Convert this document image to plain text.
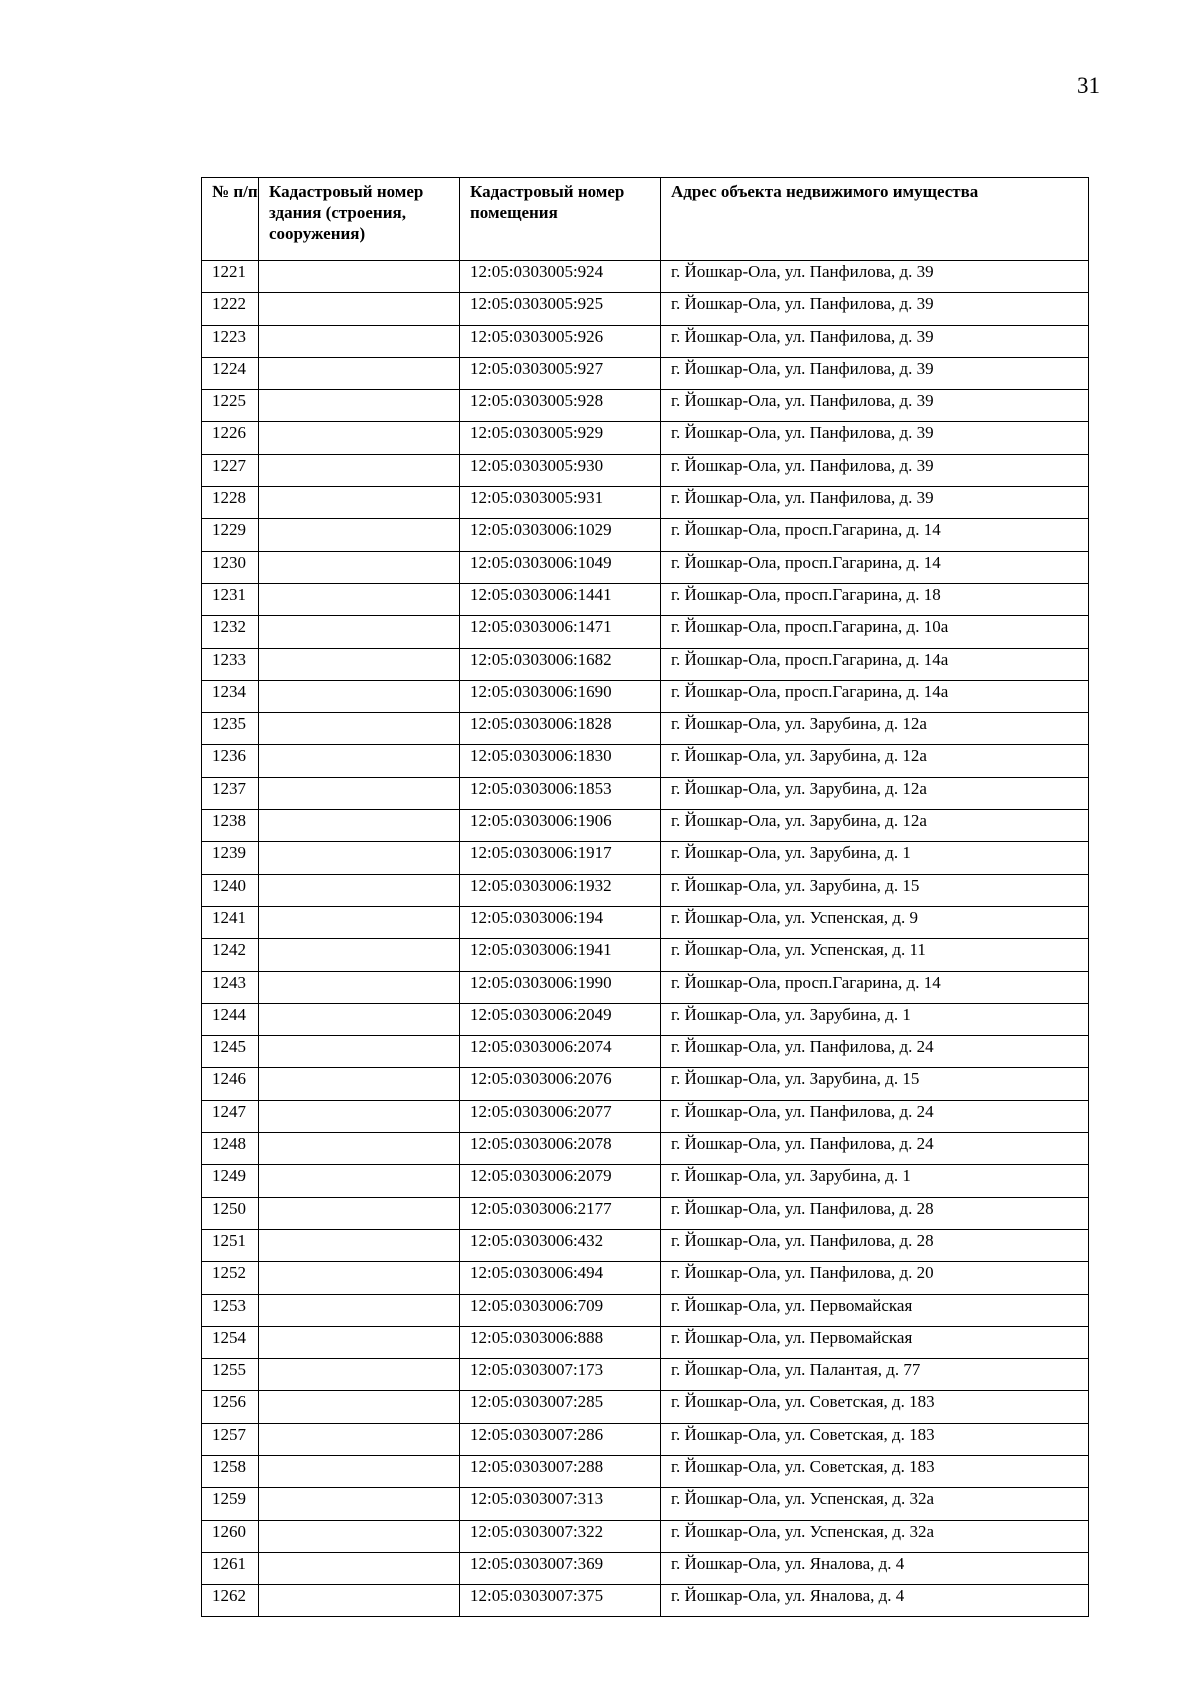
31
№ п/п	Кадастровый номер здания (строения, сооружения)	Кадастровый номер помещения	Адрес объекта недвижимого имущества
1221		12:05:0303005:924	г. Йошкар-Ола, ул. Панфилова, д. 39
1222		12:05:0303005:925	г. Йошкар-Ола, ул. Панфилова, д. 39
1223		12:05:0303005:926	г. Йошкар-Ола, ул. Панфилова, д. 39
1224		12:05:0303005:927	г. Йошкар-Ола, ул. Панфилова, д. 39
1225		12:05:0303005:928	г. Йошкар-Ола, ул. Панфилова, д. 39
1226		12:05:0303005:929	г. Йошкар-Ола, ул. Панфилова, д. 39
1227		12:05:0303005:930	г. Йошкар-Ола, ул. Панфилова, д. 39
1228		12:05:0303005:931	г. Йошкар-Ола, ул. Панфилова, д. 39
1229		12:05:0303006:1029	г. Йошкар-Ола, просп.Гагарина, д. 14
1230		12:05:0303006:1049	г. Йошкар-Ола, просп.Гагарина, д. 14
1231		12:05:0303006:1441	г. Йошкар-Ола, просп.Гагарина, д. 18
1232		12:05:0303006:1471	г. Йошкар-Ола, просп.Гагарина, д. 10а
1233		12:05:0303006:1682	г. Йошкар-Ола, просп.Гагарина, д. 14а
1234		12:05:0303006:1690	г. Йошкар-Ола, просп.Гагарина, д. 14а
1235		12:05:0303006:1828	г. Йошкар-Ола, ул. Зарубина, д. 12а
1236		12:05:0303006:1830	г. Йошкар-Ола, ул. Зарубина, д. 12а
1237		12:05:0303006:1853	г. Йошкар-Ола, ул. Зарубина, д. 12а
1238		12:05:0303006:1906	г. Йошкар-Ола, ул. Зарубина, д. 12а
1239		12:05:0303006:1917	г. Йошкар-Ола, ул. Зарубина, д. 1
1240		12:05:0303006:1932	г. Йошкар-Ола, ул. Зарубина, д. 15
1241		12:05:0303006:194	г. Йошкар-Ола, ул. Успенская, д. 9
1242		12:05:0303006:1941	г. Йошкар-Ола, ул. Успенская, д. 11
1243		12:05:0303006:1990	г. Йошкар-Ола, просп.Гагарина, д. 14
1244		12:05:0303006:2049	г. Йошкар-Ола, ул. Зарубина, д. 1
1245		12:05:0303006:2074	г. Йошкар-Ола, ул. Панфилова, д. 24
1246		12:05:0303006:2076	г. Йошкар-Ола, ул. Зарубина, д. 15
1247		12:05:0303006:2077	г. Йошкар-Ола, ул. Панфилова, д. 24
1248		12:05:0303006:2078	г. Йошкар-Ола, ул. Панфилова, д. 24
1249		12:05:0303006:2079	г. Йошкар-Ола, ул. Зарубина, д. 1
1250		12:05:0303006:2177	г. Йошкар-Ола, ул. Панфилова, д. 28
1251		12:05:0303006:432	г. Йошкар-Ола, ул. Панфилова, д. 28
1252		12:05:0303006:494	г. Йошкар-Ола, ул. Панфилова, д. 20
1253		12:05:0303006:709	г. Йошкар-Ола, ул. Первомайская
1254		12:05:0303006:888	г. Йошкар-Ола, ул. Первомайская
1255		12:05:0303007:173	г. Йошкар-Ола, ул. Палантая, д. 77
1256		12:05:0303007:285	г. Йошкар-Ола, ул. Советская, д. 183
1257		12:05:0303007:286	г. Йошкар-Ола, ул. Советская, д. 183
1258		12:05:0303007:288	г. Йошкар-Ола, ул. Советская, д. 183
1259		12:05:0303007:313	г. Йошкар-Ола, ул. Успенская, д. 32а
1260		12:05:0303007:322	г. Йошкар-Ола, ул. Успенская, д. 32а
1261		12:05:0303007:369	г. Йошкар-Ола, ул. Яналова, д. 4
1262		12:05:0303007:375	г. Йошкар-Ола, ул. Яналова, д. 4
